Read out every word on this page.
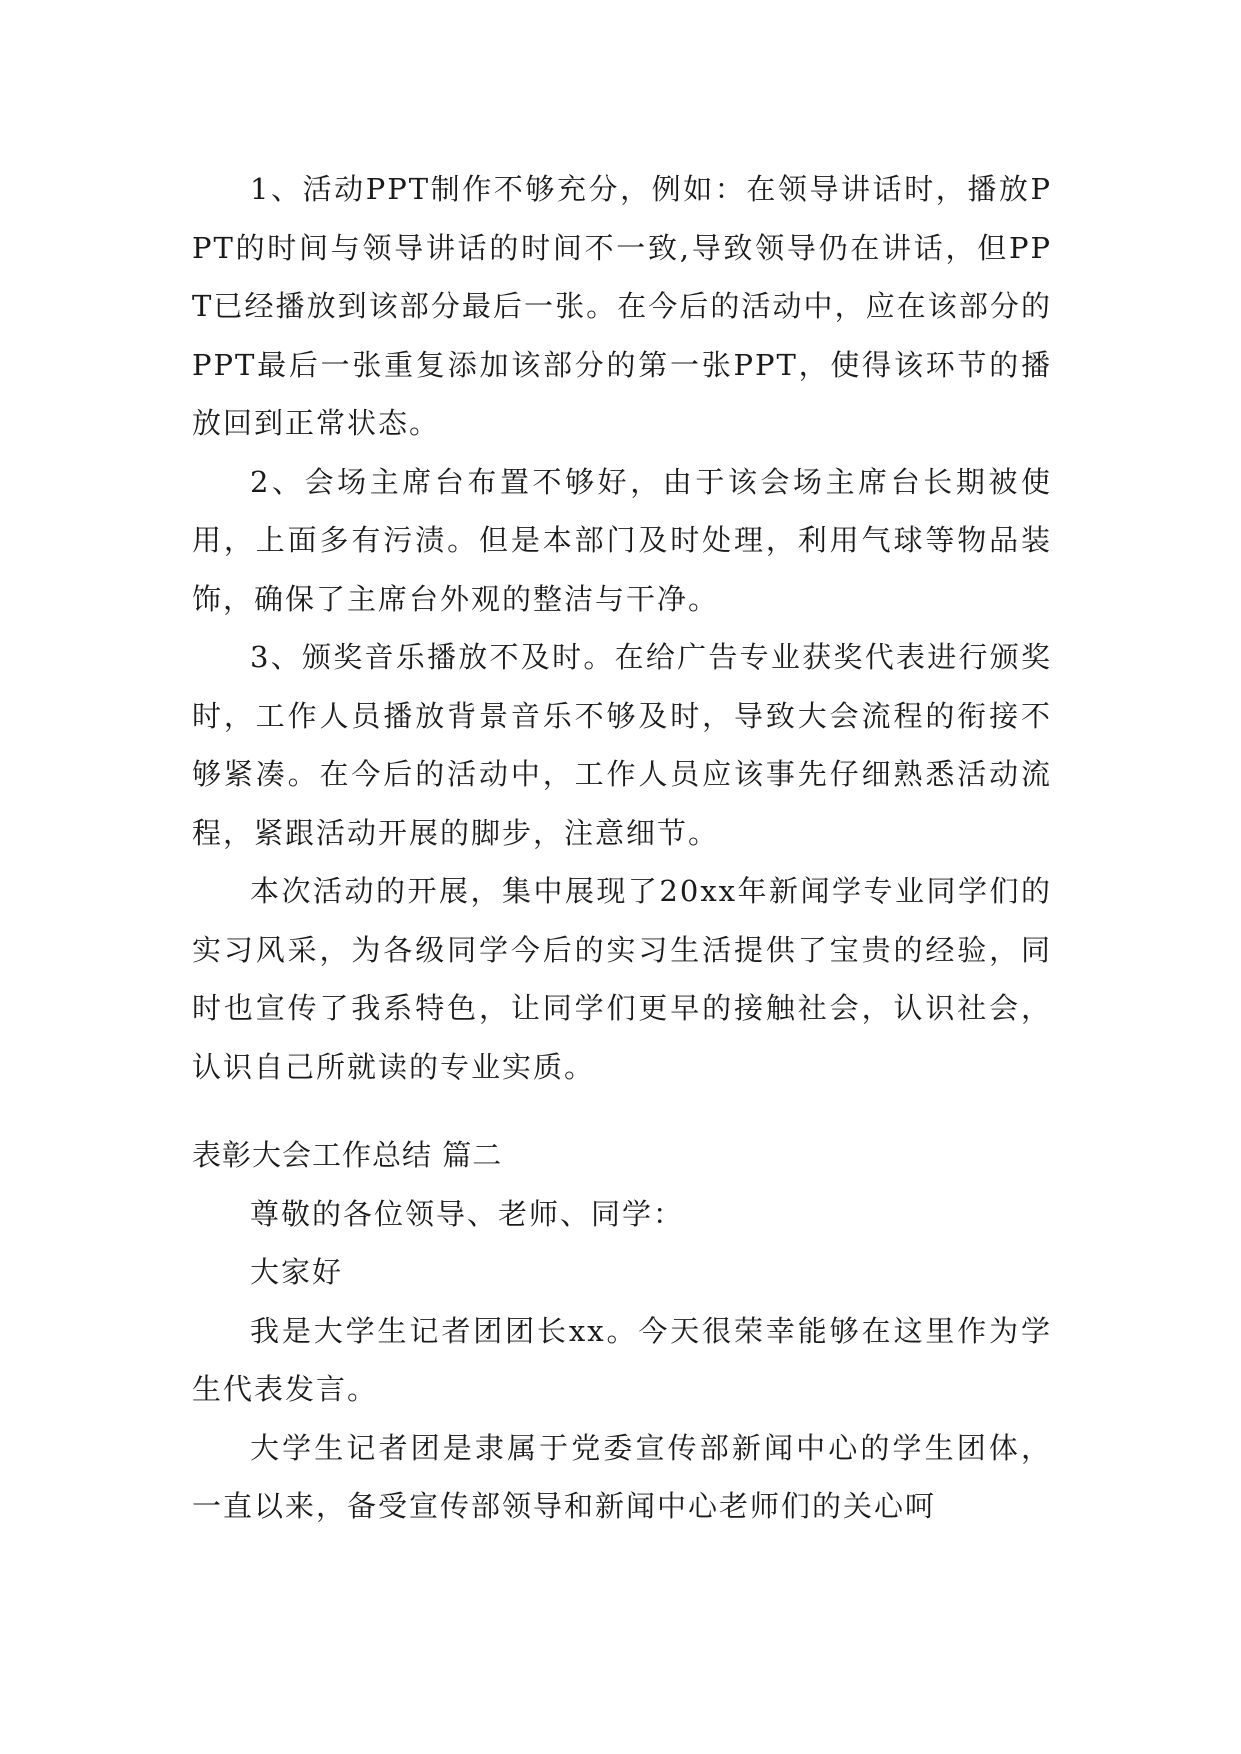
1、活动PPT制作不够充分，例如：在领导讲话时，播放PPT的时间与领导讲话的时间不一致,导致领导仍在讲话，但PPT已经播放到该部分最后一张。在今后的活动中，应在该部分的PPT最后一张重复添加该部分的第一张PPT，使得该环节的播放回到正常状态。

2、会场主席台布置不够好，由于该会场主席台长期被使用，上面多有污渍。但是本部门及时处理，利用气球等物品装饰，确保了主席台外观的整洁与干净。

3、颁奖音乐播放不及时。在给广告专业获奖代表进行颁奖时，工作人员播放背景音乐不够及时，导致大会流程的衔接不够紧凑。在今后的活动中，工作人员应该事先仔细熟悉活动流程，紧跟活动开展的脚步，注意细节。

本次活动的开展，集中展现了20xx年新闻学专业同学们的实习风采，为各级同学今后的实习生活提供了宝贵的经验，同时也宣传了我系特色，让同学们更早的接触社会，认识社会，认识自己所就读的专业实质。

表彰大会工作总结 篇二

尊敬的各位领导、老师、同学：

大家好

我是大学生记者团团长xx。今天很荣幸能够在这里作为学生代表发言。

大学生记者团是隶属于党委宣传部新闻中心的学生团体，一直以来，备受宣传部领导和新闻中心老师们的关心呵
